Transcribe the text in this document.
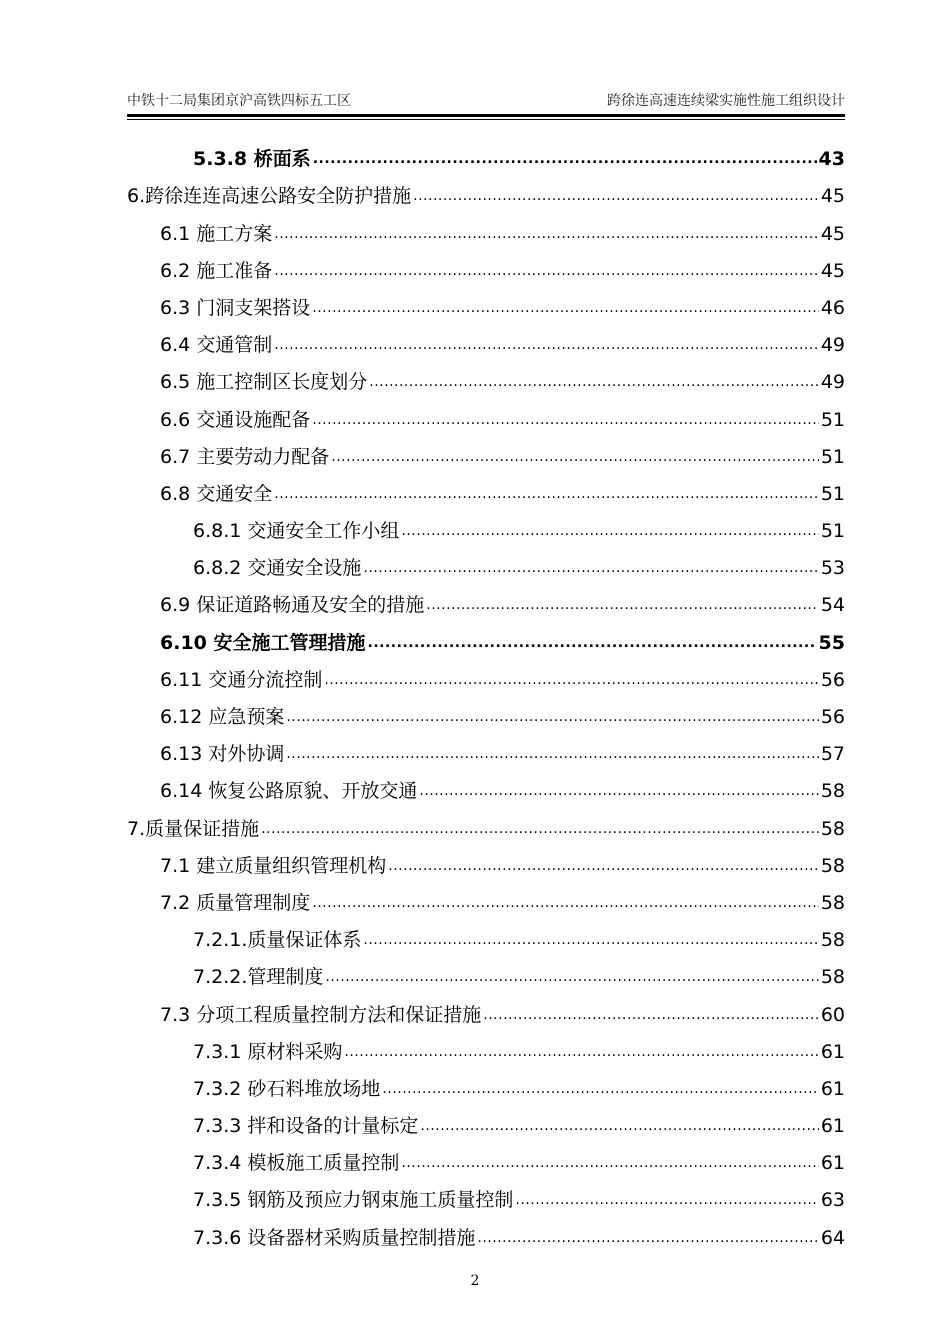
中铁十二局集团京沪高铁四标五工区	跨徐连高速连续梁实施性施工组织设计
5.3.8 桥面系 .....	43
6.跨徐连连高速公路安全防护措施 .....	45
6.1 施工方案 .....	45
6.2 施工准备 .....	45
6.3 门洞支架搭设 .....	46
6.4 交通管制 .....	49
6.5 施工控制区长度划分 .....	49
6.6 交通设施配备 .....	51
6.7 主要劳动力配备 .....	51
6.8 交通安全 .....	51
6.8.1 交通安全工作小组 .....	51
6.8.2 交通安全设施 .....	53
6.9 保证道路畅通及安全的措施 .....	54
6.10 安全施工管理措施 .....	55
6.11 交通分流控制 .....	56
6.12 应急预案 .....	56
6.13 对外协调 .....	57
6.14 恢复公路原貌、开放交通 .....	58
7.质量保证措施 .....	58
7.1 建立质量组织管理机构 .....	58
7.2 质量管理制度 .....	58
7.2.1.质量保证体系 .....	58
7.2.2.管理制度 .....	58
7.3 分项工程质量控制方法和保证措施 .....	60
7.3.1 原材料采购 .....	61
7.3.2 砂石料堆放场地 .....	61
7.3.3 拌和设备的计量标定 .....	61
7.3.4 模板施工质量控制 .....	61
7.3.5 钢筋及预应力钢束施工质量控制 .....	63
7.3.6 设备器材采购质量控制措施 .....	64
2
